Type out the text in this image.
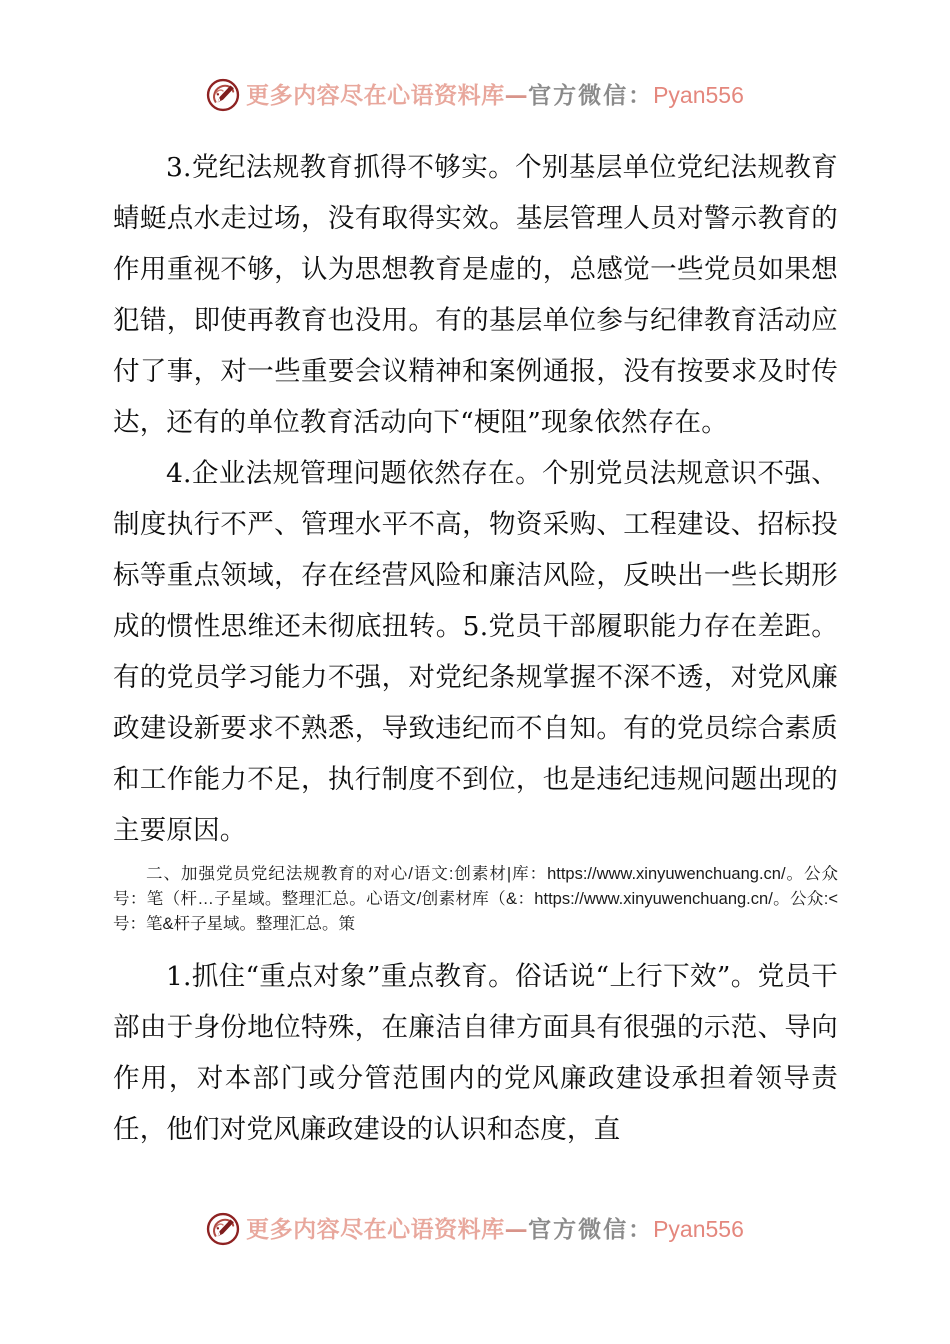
更多内容尽在心语资料库—官方微信：Pyan556

3.党纪法规教育抓得不够实。个别基层单位党纪法规教育蜻蜓点水走过场，没有取得实效。基层管理人员对警示教育的作用重视不够，认为思想教育是虚的，总感觉一些党员如果想犯错，即使再教育也没用。有的基层单位参与纪律教育活动应付了事，对一些重要会议精神和案例通报，没有按要求及时传达，还有的单位教育活动向下“梗阻”现象依然存在。

4.企业法规管理问题依然存在。个别党员法规意识不强、制度执行不严、管理水平不高，物资采购、工程建设、招标投标等重点领域，存在经营风险和廉洁风险，反映出一些长期形成的惯性思维还未彻底扭转。5.党员干部履职能力存在差距。有的党员学习能力不强，对党纪条规掌握不深不透，对党风廉政建设新要求不熟悉，导致违纪而不自知。有的党员综合素质和工作能力不足，执行制度不到位，也是违纪违规问题出现的主要原因。

二、加强党员党纪法规教育的对心/语文:创素材|库：https://www.xinyuwenchuang.cn/。公众号：笔（杆…子星域。整理汇总。心语文/创素材库（&：https://www.xinyuwenchuang.cn/。公众:<号：笔&杆子星域。整理汇总。策

1.抓住“重点对象”重点教育。俗话说“上行下效”。党员干部由于身份地位特殊，在廉洁自律方面具有很强的示范、导向作用，对本部门或分管范围内的党风廉政建设承担着领导责任，他们对党风廉政建设的认识和态度，直

更多内容尽在心语资料库—官方微信：Pyan556
